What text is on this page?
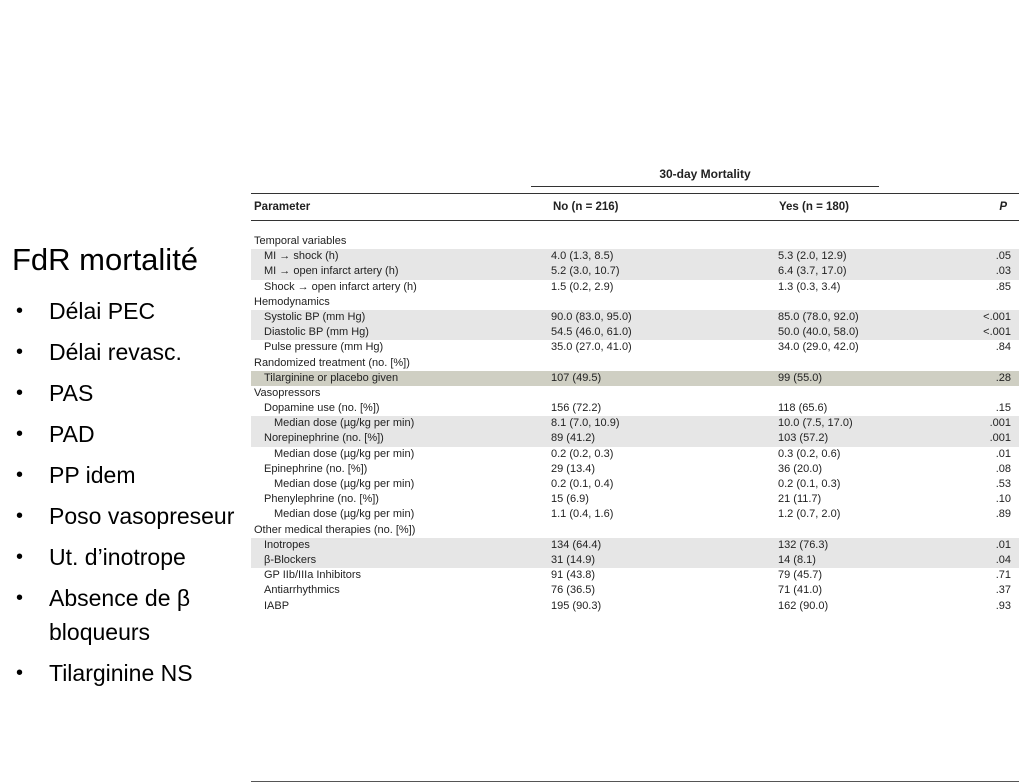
FdR mortalité
• Délai PEC
• Délai revasc.
• PAS
• PAD
• PP idem
• Poso vasopreseur
• Ut. d’inotrope
• Absence de β bloqueurs
• Tilarginine NS
30-day Mortality
Parameter	No (n = 216)	Yes (n = 180)	P
Temporal variables
MI → shock (h)	4.0 (1.3, 8.5)	5.3 (2.0, 12.9)	.05
MI → open infarct artery (h)	5.2 (3.0, 10.7)	6.4 (3.7, 17.0)	.03
Shock → open infarct artery (h)	1.5 (0.2, 2.9)	1.3 (0.3, 3.4)	.85
Hemodynamics
Systolic BP (mm Hg)	90.0 (83.0, 95.0)	85.0 (78.0, 92.0)	<.001
Diastolic BP (mm Hg)	54.5 (46.0, 61.0)	50.0 (40.0, 58.0)	<.001
Pulse pressure (mm Hg)	35.0 (27.0, 41.0)	34.0 (29.0, 42.0)	.84
Randomized treatment (no. [%])
Tilarginine or placebo given	107 (49.5)	99 (55.0)	.28
Vasopressors
Dopamine use (no. [%])	156 (72.2)	118 (65.6)	.15
Median dose (µg/kg per min)	8.1 (7.0, 10.9)	10.0 (7.5, 17.0)	.001
Norepinephrine (no. [%])	89 (41.2)	103 (57.2)	.001
Median dose (µg/kg per min)	0.2 (0.2, 0.3)	0.3 (0.2, 0.6)	.01
Epinephrine (no. [%])	29 (13.4)	36 (20.0)	.08
Median dose (µg/kg per min)	0.2 (0.1, 0.4)	0.2 (0.1, 0.3)	.53
Phenylephrine (no. [%])	15 (6.9)	21 (11.7)	.10
Median dose (µg/kg per min)	1.1 (0.4, 1.6)	1.2 (0.7, 2.0)	.89
Other medical therapies (no. [%])
Inotropes	134 (64.4)	132 (76.3)	.01
β-Blockers	31 (14.9)	14 (8.1)	.04
GP IIb/IIIa Inhibitors	91 (43.8)	79 (45.7)	.71
Antiarrhythmics	76 (36.5)	71 (41.0)	.37
IABP	195 (90.3)	162 (90.0)	.93
